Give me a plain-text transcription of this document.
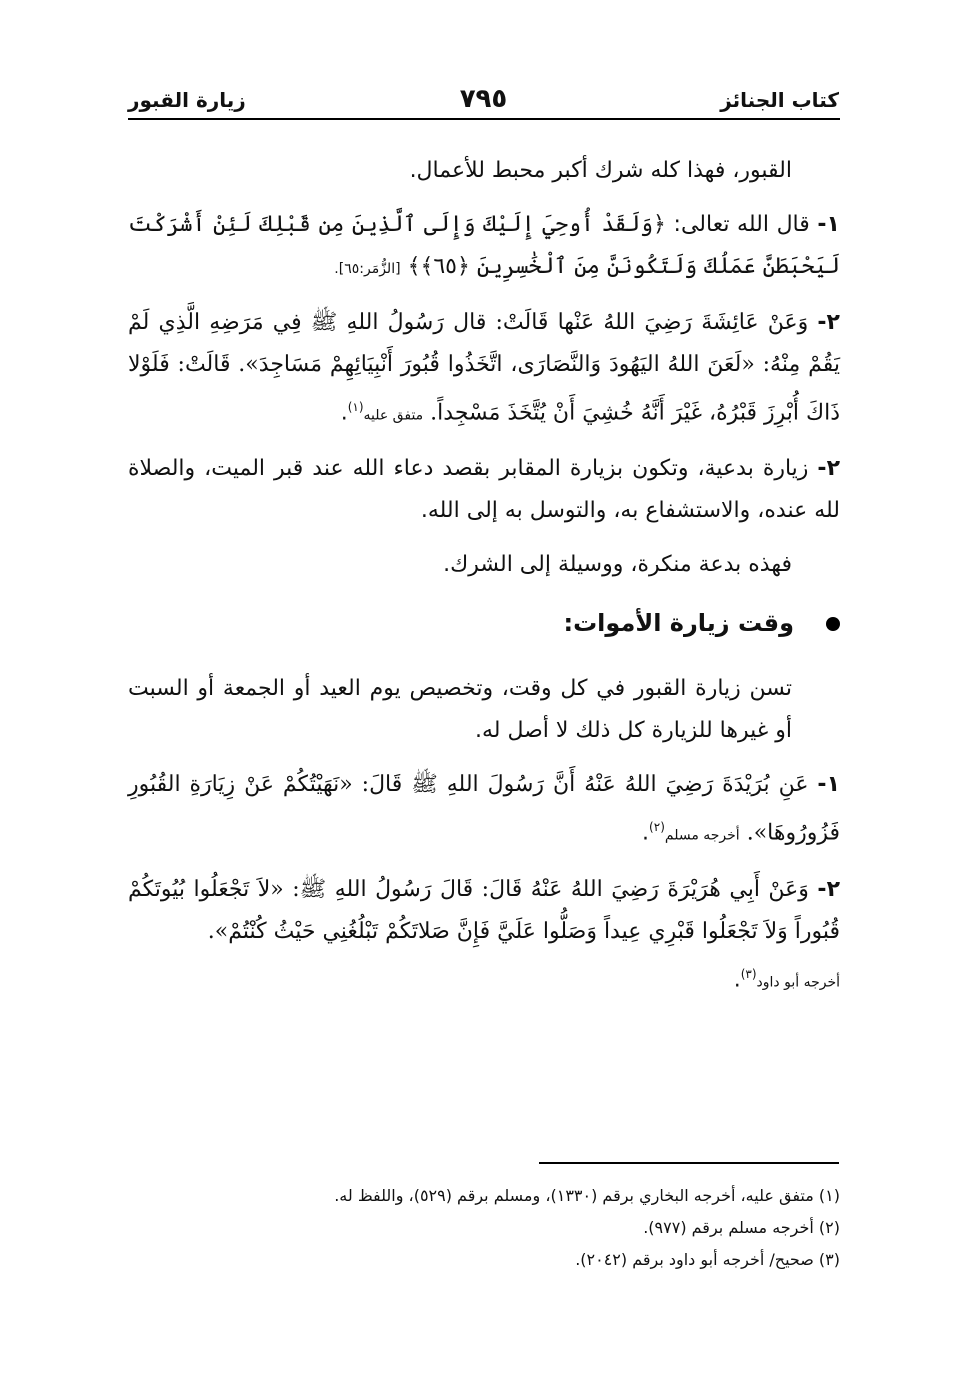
كتاب الجنائز
٧٩٥
زيارة القبور

القبور، فهذا كله شرك أكبر محبط للأعمال.

١- قال الله تعالى: ﴿وَلَقَدْ أُوحِيَ إِلَيْكَ وَإِلَى ٱلَّذِينَ مِن قَبْلِكَ لَئِنْ أَشْرَكْتَ لَيَحْبَطَنَّ عَمَلُكَ وَلَتَكُونَنَّ مِنَ ٱلْخَٰسِرِينَ ﴿٦٥﴾﴾ [الزُّمَر:٦٥].

٢- وَعَنْ عَائِشَةَ رَضِيَ اللهُ عَنْها قَالَتْ: قال رَسُولُ اللهِ ﷺ فِي مَرَضِهِ الَّذِي لَمْ يَقُمْ مِنْهُ: «لَعَنَ اللهُ اليَهُودَ وَالنَّصَارَى، اتَّخَذُوا قُبُورَ أَنْبِيَائِهِمْ مَسَاجِدَ». قَالَتْ: فَلَوْلا ذَاكَ أُبْرِزَ قَبْرُهُ، غَيْرَ أَنَّهُ خُشِيَ أَنْ يُتَّخَذَ مَسْجِداً. متفق عليه$^{(١)}$.

٢- زيارة بدعية، وتكون بزيارة المقابر بقصد دعاء الله عند قبر الميت، والصلاة لله عنده، والاستشفاع به، والتوسل به إلى الله.

فهذه بدعة منكرة، ووسيلة إلى الشرك.

وقت زيارة الأموات:

تسن زيارة القبور في كل وقت، وتخصيص يوم العيد أو الجمعة أو السبت أو غيرها للزيارة كل ذلك لا أصل له.

١- عَنِ بُرَيْدَةَ رَضِيَ اللهُ عَنْهُ أَنَّ رَسُولَ اللهِ ﷺ قَالَ: «نَهَيْتُكُمْ عَنْ زِيَارَةِ القُبُورِ فَزُورُوهَا». أخرجه مسلم$^{(٢)}$.

٢- وَعَنْ أَبِي هُرَيْرَةَ رَضِيَ اللهُ عَنْهُ قَالَ: قَالَ رَسُولُ اللهِ ﷺ: «لاَ تَجْعَلُوا بُيُوتَكُمْ قُبُوراً وَلاَ تَجْعَلُوا قَبْرِي عِيداً وَصَلُّوا عَلَيَّ فَإِنَّ صَلاتَكُمْ تَبْلُغُنِي حَيْثُ كُنْتُمْ».
أخرجه أبو داود$^{(٣)}$.

(١) متفق عليه، أخرجه البخاري برقم (١٣٣٠)، ومسلم برقم (٥٢٩)، واللفظ له.

(٢) أخرجه مسلم برقم (٩٧٧).

(٣) صحيح/ أخرجه أبو داود برقم (٢٠٤٢).
